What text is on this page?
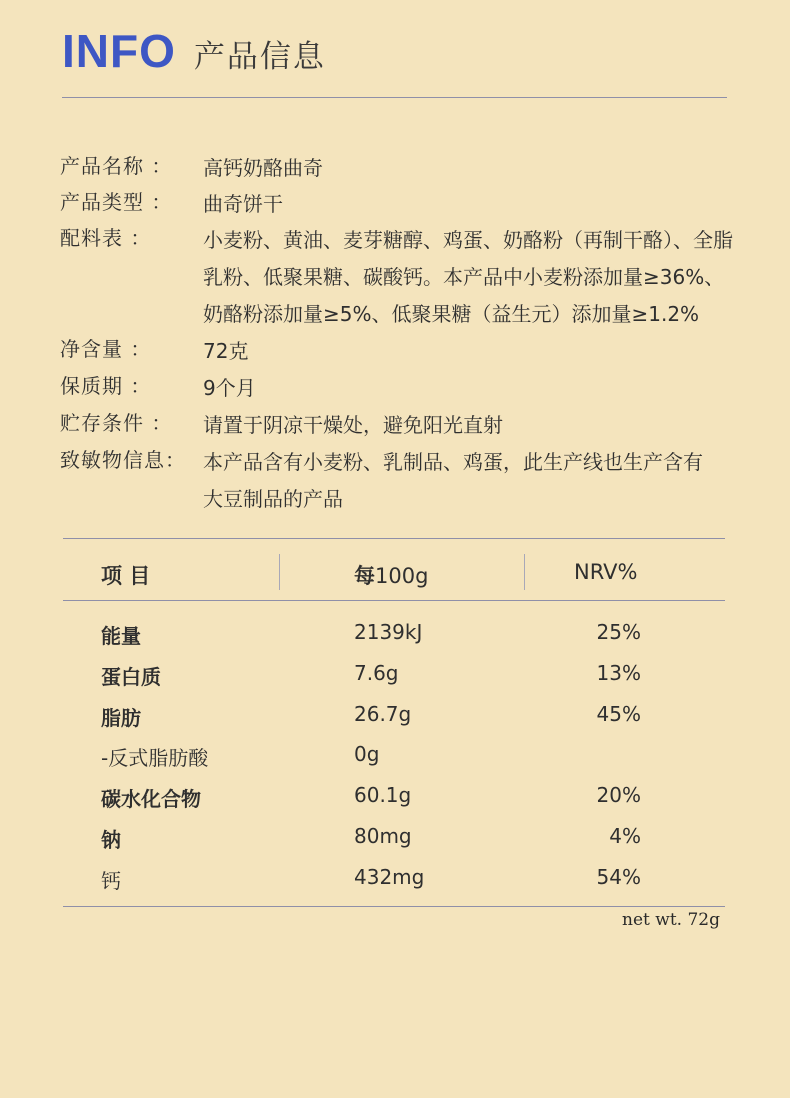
INFO 产品信息
产品名称 ： 高钙奶酪曲奇
产品类型 ： 曲奇饼干
配料表 ：	小麦粉、黄油、麦芽糖醇、鸡蛋、奶酪粉（再制干酪）、全脂
乳粉、低聚果糖、碳酸钙。本产品中小麦粉添加量≥36%、
奶酪粉添加量≥5%、低聚果糖（益生元）添加量≥1.2%
净含量 ：	72克
保质期 ：	9个月
贮存条件 ： 请置于阴凉干燥处，避免阳光直射
致敏物信息： 本产品含有小麦粉、乳制品、鸡蛋，此生产线也生产含有
大豆制品的产品
项 目	每100g	NRV%
能量	2139kJ	25%
蛋白质	7.6g	13%
脂肪	26.7g	45%
-反式脂肪酸	0g
碳水化合物	60.1g	20%
钠	80mg	4%
钙	432mg	54%
net wt. 72g
